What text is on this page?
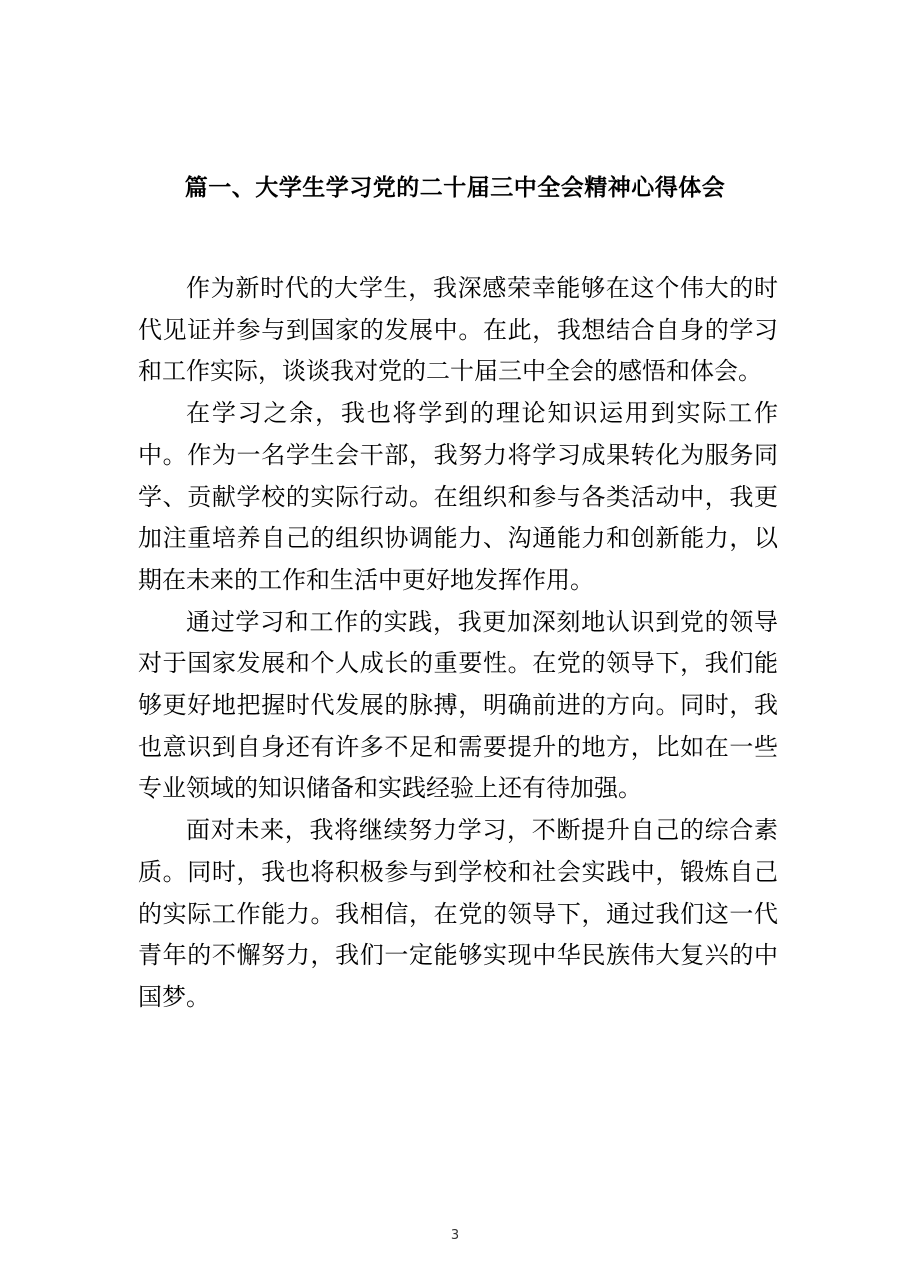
篇一、大学生学习党的二十届三中全会精神心得体会

作为新时代的大学生，我深感荣幸能够在这个伟大的时代见证并参与到国家的发展中。在此，我想结合自身的学习和工作实际，谈谈我对党的二十届三中全会的感悟和体会。

在学习之余，我也将学到的理论知识运用到实际工作中。作为一名学生会干部，我努力将学习成果转化为服务同学、贡献学校的实际行动。在组织和参与各类活动中，我更加注重培养自己的组织协调能力、沟通能力和创新能力，以期在未来的工作和生活中更好地发挥作用。

通过学习和工作的实践，我更加深刻地认识到党的领导对于国家发展和个人成长的重要性。在党的领导下，我们能够更好地把握时代发展的脉搏，明确前进的方向。同时，我也意识到自身还有许多不足和需要提升的地方，比如在一些专业领域的知识储备和实践经验上还有待加强。

面对未来，我将继续努力学习，不断提升自己的综合素质。同时，我也将积极参与到学校和社会实践中，锻炼自己的实际工作能力。我相信，在党的领导下，通过我们这一代青年的不懈努力，我们一定能够实现中华民族伟大复兴的中国梦。

3
